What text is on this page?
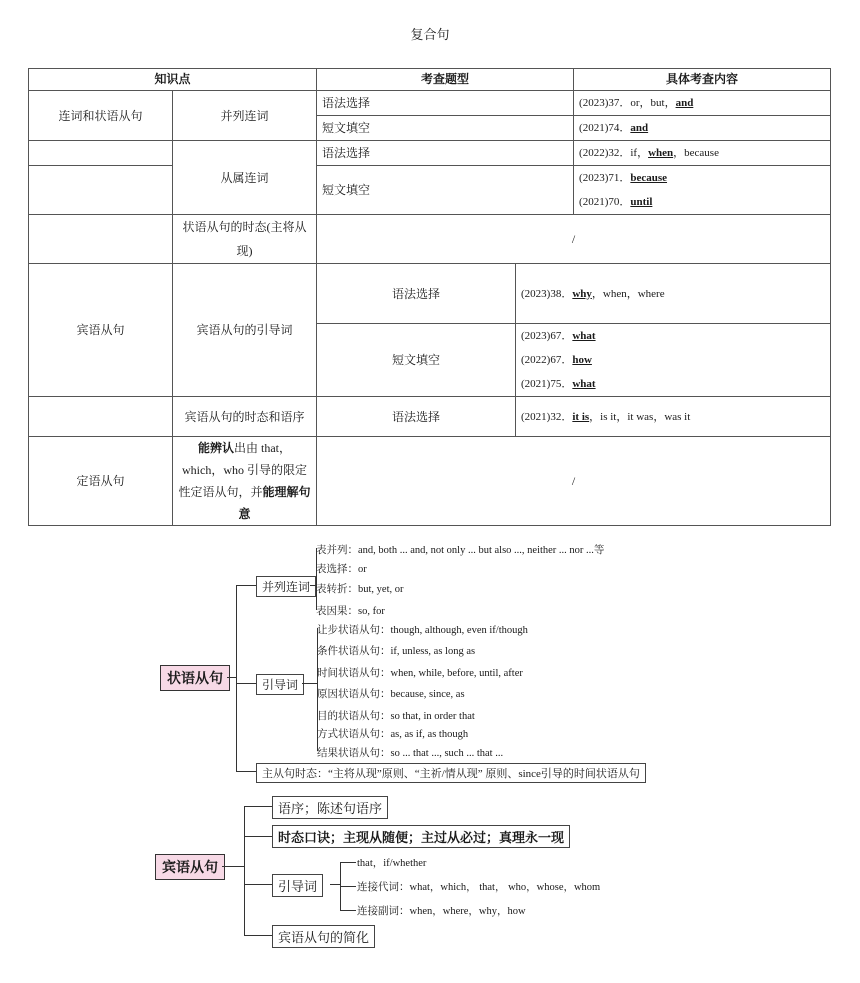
复合句
知识点		考查题型		具体考查内容
连词和状语从句	并列连词	语法选择		(2023)37．or，but，and
		短文填空		(2021)74．and
	从属连词	语法选择		(2022)32．if，when，because
		短文填空		(2023)71．because
(2021)70．until

	状语从句的时态(主将从现)	/		
宾语从句	宾语从句的引导词	语法选择	(2023)38．why，when，where	
		短文填空	(2023)67．what
(2022)67．how
(2021)75．what	

	宾语从句的时态和语序	语法选择	(2021)32．it is，is it，it was，was it	
定语从句	能辨认出由 that，which，who 引导的限定性定语从句，并能理解句意	/		
状语从句
并列连词
表并列：and, both ... and, not only ... but also ..., neither ... nor ...等
表选择：or
表转折：but, yet, or
表因果：so, for
引导词
让步状语从句：though, although, even if/though
条件状语从句：if, unless, as long as
时间状语从句：when, while, before, until, after
原因状语从句：because, since, as
目的状语从句：so that, in order that
方式状语从句：as, as if, as though
结果状语从句：so ... that ..., such ... that ...
主从句时态：“主将从现”原则、“主祈/情从现” 原则、since引导的时间状语从句
宾语从句
语序；陈述句语序
时态口诀；主现从随便；主过从必过；真理永一现
引导词
that，if/whether
连接代词：what，which， that， who，whose，whom
连接副词：when，where，why，how
宾语从句的简化
